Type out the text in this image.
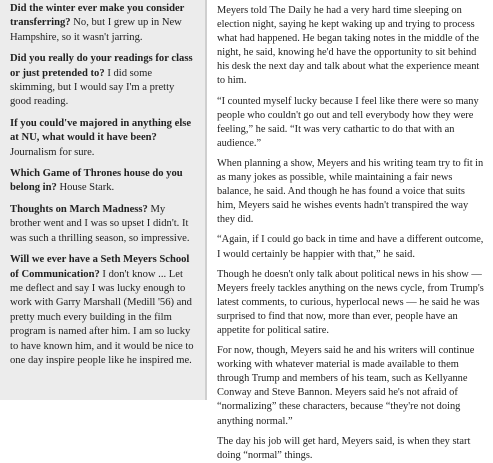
Did the winter ever make you consider transferring? No, but I grew up in New Hampshire, so it wasn't jarring.

Did you really do your readings for class or just pretended to? I did some skimming, but I would say I'm a pretty good reading.

If you could've majored in anything else at NU, what would it have been? Journalism for sure.

Which Game of Thrones house do you belong in? House Stark.

Thoughts on March Madness? My brother went and I was so upset I didn't. It was such a thrilling season, so impressive.

Will we ever have a Seth Meyers School of Communication? I don't know ... Let me deflect and say I was lucky enough to work with Garry Marshall (Medill '56) and pretty much every building in the film program is named after him. I am so lucky to have known him, and it would be nice to one day inspire people like he inspired me.

Meyers told The Daily he had a very hard time sleeping on election night, saying he kept waking up and trying to process what had happened. He began taking notes in the middle of the night, he said, knowing he'd have the opportunity to sit behind his desk the next day and talk about what the experience meant to him.

“I counted myself lucky because I feel like there were so many people who couldn't go out and tell everybody how they were feeling,” he said. “It was very cathartic to do that with an audience.”

When planning a show, Meyers and his writing team try to fit in as many jokes as possible, while maintaining a fair news balance, he said. And though he has found a voice that suits him, Meyers said he wishes events hadn't transpired the way they did.

“Again, if I could go back in time and have a different outcome, I would certainly be happier with that,” he said.

Though he doesn't only talk about political news in his show — Meyers freely tackles anything on the news cycle, from Trump's latest comments, to curious, hyperlocal news — he said he was surprised to find that now, more than ever, people have an appetite for political satire.

For now, though, Meyers said he and his writers will continue working with whatever material is made available to them through Trump and members of his team, such as Kellyanne Conway and Steve Bannon. Meyers said he's not afraid of “normalizing” these characters, because “they're not doing anything normal.”

The day his job will get hard, Meyers said, is when they start doing “normal” things.
